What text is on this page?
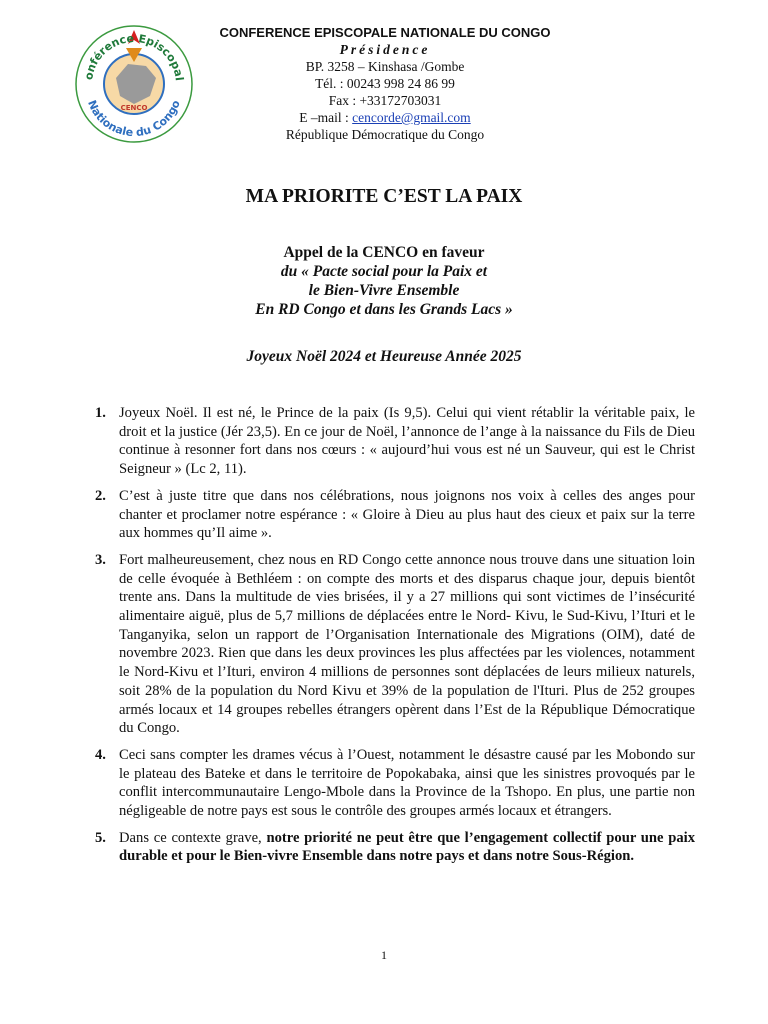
onférence Episcopal
Nationale du Congo
CENCO
CONFERENCE EPISCOPALE NATIONALE DU CONGO
Présidence
BP. 3258 – Kinshasa /Gombe
Tél. : 00243 998 24 86 99
Fax : +33172703031
E –mail : cencorde@gmail.com
République Démocratique du Congo
MA PRIORITE C’EST LA PAIX
Appel de la CENCO en faveur
du « Pacte social pour la Paix et
le Bien-Vivre Ensemble
En RD Congo et dans les Grands Lacs »
Joyeux Noël 2024 et Heureuse Année 2025
1. Joyeux Noël. Il est né, le Prince de la paix (Is 9,5). Celui qui vient rétablir la véritable paix, le droit et la justice (Jér 23,5). En ce jour de Noël, l’annonce de l’ange à la naissance du Fils de Dieu continue à resonner fort dans nos cœurs : « aujourd’hui vous est né un Sauveur, qui est le Christ Seigneur » (Lc 2, 11).
2. C’est à juste titre que dans nos célébrations, nous joignons nos voix à celles des anges pour chanter et proclamer notre espérance : « Gloire à Dieu au plus haut des cieux et paix sur la terre aux hommes qu’Il aime ».
3. Fort malheureusement, chez nous en RD Congo cette annonce nous trouve dans une situation loin de celle évoquée à Bethléem : on compte des morts et des disparus chaque jour, depuis bientôt trente ans. Dans la multitude de vies brisées, il y a 27 millions qui sont victimes de l’insécurité alimentaire aiguë, plus de 5,7 millions de déplacées entre le Nord- Kivu, le Sud-Kivu, l’Ituri et le Tanganyika, selon un rapport de l’Organisation Internationale des Migrations (OIM), daté de novembre 2023. Rien que dans les deux provinces les plus affectées par les violences, notamment le Nord-Kivu et l’Ituri, environ 4 millions de personnes sont déplacées de leurs milieux naturels, soit 28% de la population du Nord Kivu et 39% de la population de l'Ituri. Plus de 252 groupes armés locaux et 14 groupes rebelles étrangers opèrent dans l’Est de la République Démocratique du Congo.
4. Ceci sans compter les drames vécus à l’Ouest, notamment le désastre causé par les Mobondo sur le plateau des Bateke et dans le territoire de Popokabaka, ainsi que les sinistres provoqués par le conflit intercommunautaire Lengo-Mbole dans la Province de la Tshopo. En plus, une partie non négligeable de notre pays est sous le contrôle des groupes armés locaux et étrangers.
5. Dans ce contexte grave, notre priorité ne peut être que l’engagement collectif pour une paix durable et pour le Bien-vivre Ensemble dans notre pays et dans notre Sous-Région.
1
